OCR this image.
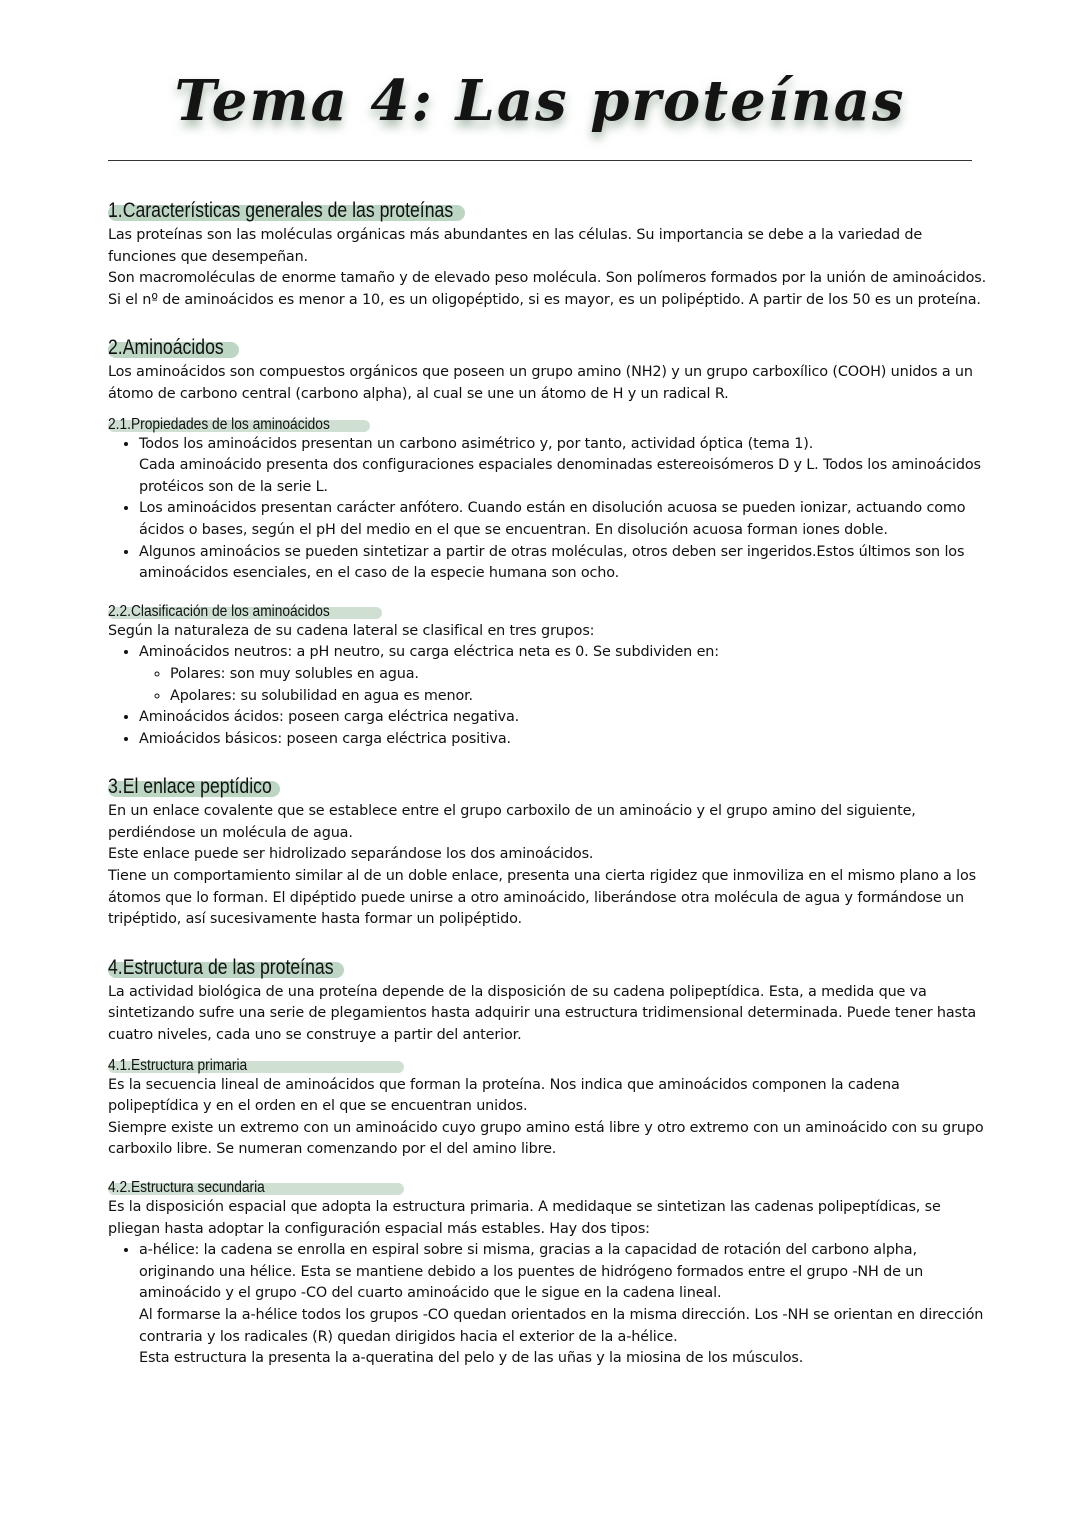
Tema 4: Las proteínas
1.Características generales de las proteínas

Las proteínas son las moléculas orgánicas más abundantes en las células. Su importancia se debe a la variedad de funciones que desempeñan.

Son macromoléculas de enorme tamaño y de elevado peso molécula. Son polímeros formados por la unión de aminoácidos.

Si el nº de aminoácidos es menor a 10, es un oligopéptido, si es mayor, es un polipéptido. A partir de los 50 es un proteína.

2.Aminoácidos

Los aminoácidos son compuestos orgánicos que poseen un grupo amino (NH2) y un grupo carboxílico (COOH) unidos a un átomo de carbono central (carbono alpha), al cual se une un átomo de H y un radical R.

2.1.Propiedades de los aminoácidos
• Todos los aminoácidos presentan un carbono asimétrico y, por tanto, actividad óptica (tema 1).
Cada aminoácido presenta dos configuraciones espaciales denominadas estereoisómeros D y L. Todos los aminoácidos protéicos son de la serie L.
• Los aminoácidos presentan carácter anfótero. Cuando están en disolución acuosa se pueden ionizar, actuando como ácidos o bases, según el pH del medio en el que se encuentran. En disolución acuosa forman iones doble.
• Algunos aminoácios se pueden sintetizar a partir de otras moléculas, otros deben ser ingeridos.Estos últimos son los aminoácidos esenciales, en el caso de la especie humana son ocho.
2.2.Clasificación de los aminoácidos

Según la naturaleza de su cadena lateral se clasifical en tres grupos:

• Aminoácidos neutros: a pH neutro, su carga eléctrica neta es 0. Se subdividen en:
◦ Polares: son muy solubles en agua.
◦ Apolares: su solubilidad en agua es menor.
• Aminoácidos ácidos: poseen carga eléctrica negativa.
• Amioácidos básicos: poseen carga eléctrica positiva.
3.El enlace peptídico

En un enlace covalente que se establece entre el grupo carboxilo de un aminoácio y el grupo amino del siguiente, perdiéndose un molécula de agua.

Este enlace puede ser hidrolizado separándose los dos aminoácidos.

Tiene un comportamiento similar al de un doble enlace, presenta una cierta rigidez que inmoviliza en el mismo plano a los átomos que lo forman. El dipéptido puede unirse a otro aminoácido, liberándose otra molécula de agua y formándose un tripéptido, así sucesivamente hasta formar un polipéptido.

4.Estructura de las proteínas

La actividad biológica de una proteína depende de la disposición de su cadena polipeptídica. Esta, a medida que va sintetizando sufre una serie de plegamientos hasta adquirir una estructura tridimensional determinada. Puede tener hasta cuatro niveles, cada uno se construye a partir del anterior.

4.1.Estructura primaria

Es la secuencia lineal de aminoácidos que forman la proteína. Nos indica que aminoácidos componen la cadena polipeptídica y en el orden en el que se encuentran unidos.

Siempre existe un extremo con un aminoácido cuyo grupo amino está libre y otro extremo con un aminoácido con su grupo carboxilo libre. Se numeran comenzando por el del amino libre.

4.2.Estructura secundaria

Es la disposición espacial que adopta la estructura primaria. A medidaque se sintetizan las cadenas polipeptídicas, se pliegan hasta adoptar la configuración espacial más estables. Hay dos tipos:

• a-hélice: la cadena se enrolla en espiral sobre si misma, gracias a la capacidad de rotación del carbono alpha, originando una hélice. Esta se mantiene debido a los puentes de hidrógeno formados entre el grupo -NH de un aminoácido y el grupo -CO del cuarto aminoácido que le sigue en la cadena lineal.
Al formarse la a-hélice todos los grupos -CO quedan orientados en la misma dirección. Los -NH se orientan en dirección contraria y los radicales (R) quedan dirigidos hacia el exterior de la a-hélice.
Esta estructura la presenta la a-queratina del pelo y de las uñas y la miosina de los músculos.
